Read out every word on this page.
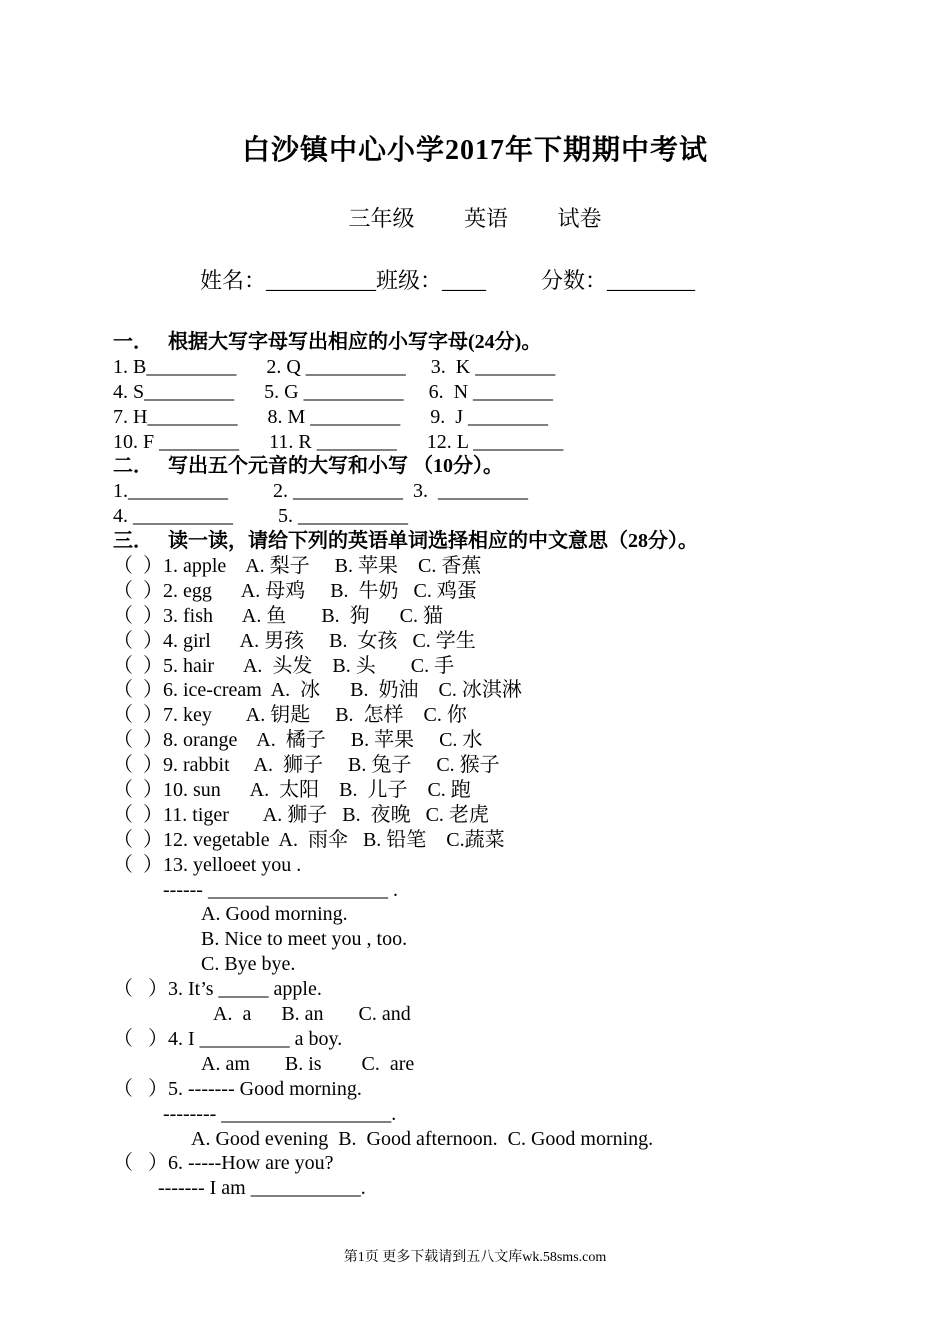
白沙镇中心小学2017年下期期中考试
三年级 英语 试卷
姓名：__________班级：____          分数：________
一．   根据大写字母写出相应的小写字母(24分)。
1. B_________      2. Q __________     3.  K ________
4. S_________      5. G __________     6.  N ________
7. H_________      8. M _________      9.  J ________
10. F ________      11. R ________      12. L _________
二．   写出五个元音的大写和小写 （10分）。
1.__________         2. ___________  3.  _________
4. __________         5. ___________
三．   读一读，请给下列的英语单词选择相应的中文意思（28分）。
（  ）1. apple    A. 梨子     B. 苹果    C. 香蕉
（  ）2. egg      A. 母鸡     B.  牛奶   C. 鸡蛋
（  ）3. fish      A. 鱼       B.  狗      C. 猫
（  ）4. girl      A. 男孩     B.  女孩   C. 学生
（  ）5. hair      A.  头发    B. 头       C. 手
（  ）6. ice-cream  A.  冰      B.  奶油    C. 冰淇淋
（  ）7. key       A. 钥匙     B.  怎样    C. 你
（  ）8. orange    A.  橘子     B. 苹果     C. 水
（  ）9. rabbit     A.  狮子     B. 兔子     C. 猴子
（  ）10. sun      A.  太阳    B.  儿子    C. 跑
（  ）11. tiger       A. 狮子   B.  夜晚   C. 老虎
（  ）12. vegetable  A.  雨伞   B. 铅笔    C.蔬菜
（  ）13. yelloeet you .
------ __________________ .
A. Good morning.
B. Nice to meet you , too.
C. Bye bye.
（   ）3. It’s _____ apple.
A.  a      B. an       C. and
（   ）4. I _________ a boy.
A. am       B. is        C.  are
（   ）5. ------- Good morning.
-------- _________________.
A. Good evening  B.  Good afternoon.  C. Good morning.
（   ）6. -----How are you?
------- I am ___________.
第1页 更多下载请到五八文库wk.58sms.com
